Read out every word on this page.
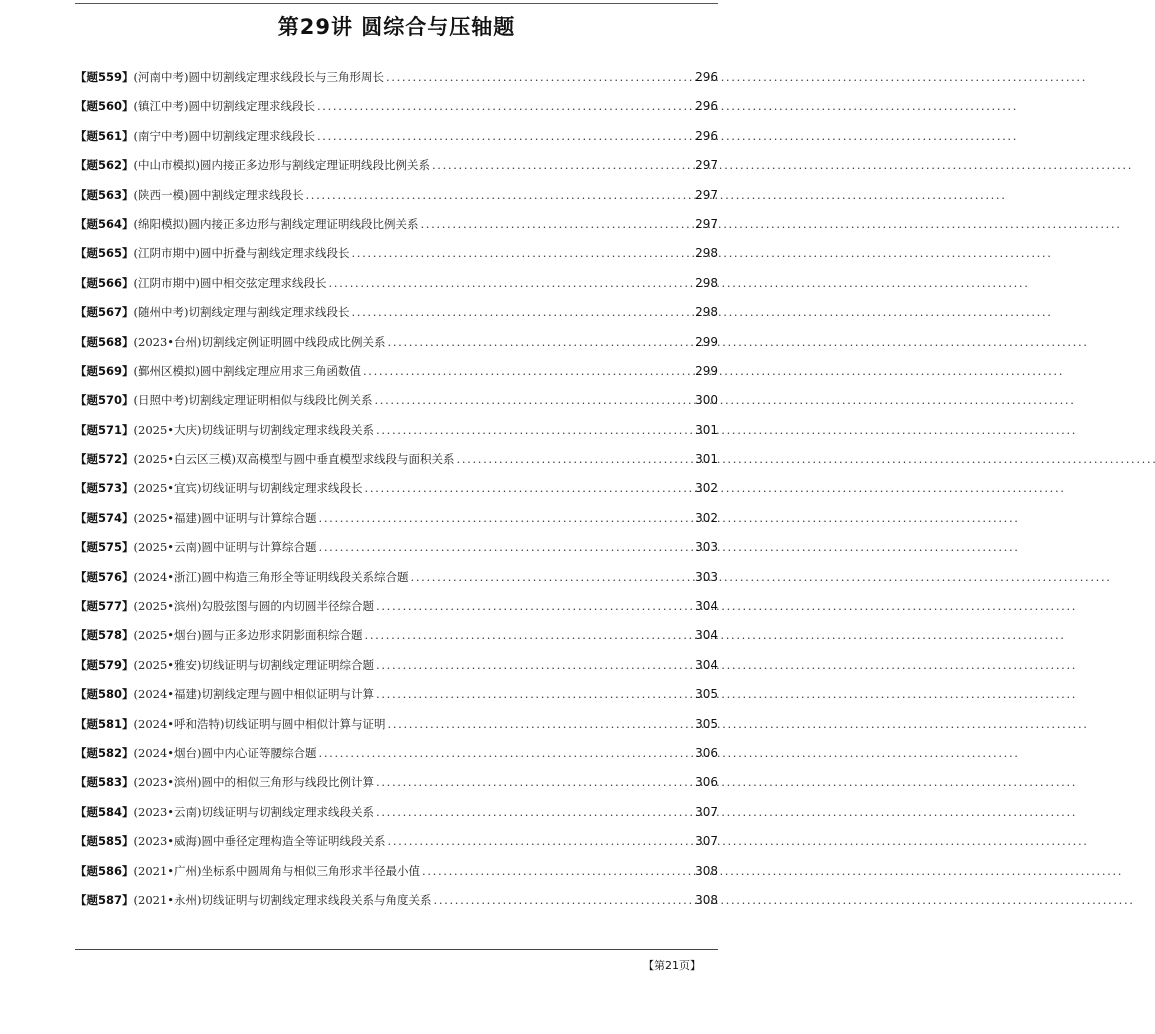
第29讲 圆综合与压轴题
【题559】 (河南中考)圆中切割线定理求线段长与三角形周长 . . .	296
【题560】 (镇江中考)圆中切割线定理求线段长 . . .	296
【题561】 (南宁中考)圆中切割线定理求线段长 . . .	296
【题562】 (中山市模拟)圆内接正多边形与割线定理证明线段比例关系 . . .	297
【题563】 (陕西一模)圆中割线定理求线段长 . . .	297
【题564】 (绵阳模拟)圆内接正多边形与割线定理证明线段比例关系 . . .	297
【题565】 (江阴市期中)圆中折叠与割线定理求线段长 . . .	298
【题566】 (江阴市期中)圆中相交弦定理求线段长 . . .	298
【题567】 (随州中考)切割线定理与割线定理求线段长 . . .	298
【题568】 (2023•台州)切割线定例证明圆中线段成比例关系 . . .	299
【题569】 (鄞州区模拟)圆中割线定理应用求三角函数值 . . .	299
【题570】 (日照中考)切割线定理证明相似与线段比例关系 . . .	300
【题571】 (2025•大庆)切线证明与切割线定理求线段关系 . . .	301
【题572】 (2025•白云区三模)双高模型与圆中垂直模型求线段与面积关系 . . .	301
【题573】 (2025•宜宾)切线证明与切割线定理求线段长 . . .	302
【题574】 (2025•福建)圆中证明与计算综合题 . . .	302
【题575】 (2025•云南)圆中证明与计算综合题 . . .	303
【题576】 (2024•浙江)圆中构造三角形全等证明线段关系综合题 . . .	303
【题577】 (2025•滨州)勾股弦图与圆的内切圆半径综合题 . . .	304
【题578】 (2025•烟台)圆与正多边形求阴影面积综合题 . . .	304
【题579】 (2025•雅安)切线证明与切割线定理证明综合题 . . .	304
【题580】 (2024•福建)切割线定理与圆中相似证明与计算 . . .	305
【题581】 (2024•呼和浩特)切线证明与圆中相似计算与证明 . . .	305
【题582】 (2024•烟台)圆中内心证等腰综合题 . . .	306
【题583】 (2023•滨州)圆中的相似三角形与线段比例计算 . . .	306
【题584】 (2023•云南)切线证明与切割线定理求线段关系 . . .	307
【题585】 (2023•威海)圆中垂径定理构造全等证明线段关系 . . .	307
【题586】 (2021•广州)坐标系中圆周角与相似三角形求半径最小值 . . .	308
【题587】 (2021•永州)切线证明与切割线定理求线段关系与角度关系 . . .	308
【第21页】
